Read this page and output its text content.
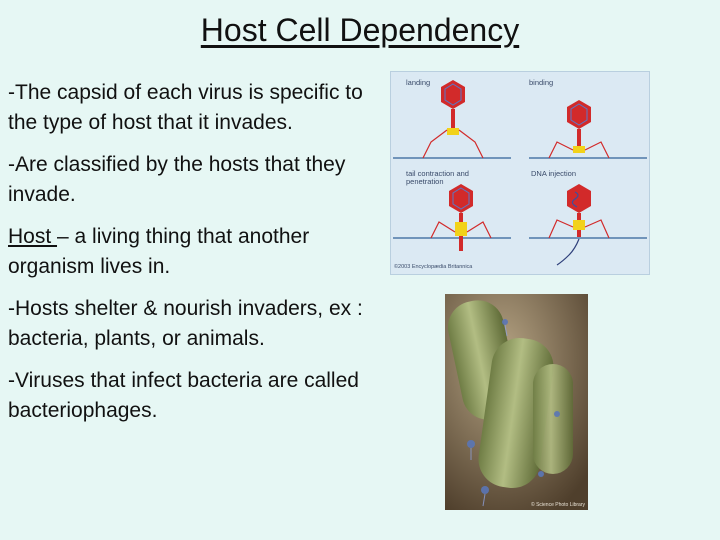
Host Cell Dependency

-The capsid of each virus is specific to the type of host that it invades.

-Are classified by the hosts that they invade.

Host – a living thing that another organism lives in.

-Hosts shelter & nourish invaders, ex : bacteria, plants, or animals.

-Viruses that infect bacteria are called bacteriophages.

landing	binding
tail contraction and penetration
DNA injection
©2003 Encyclopædia Britannica
© Science Photo Library
